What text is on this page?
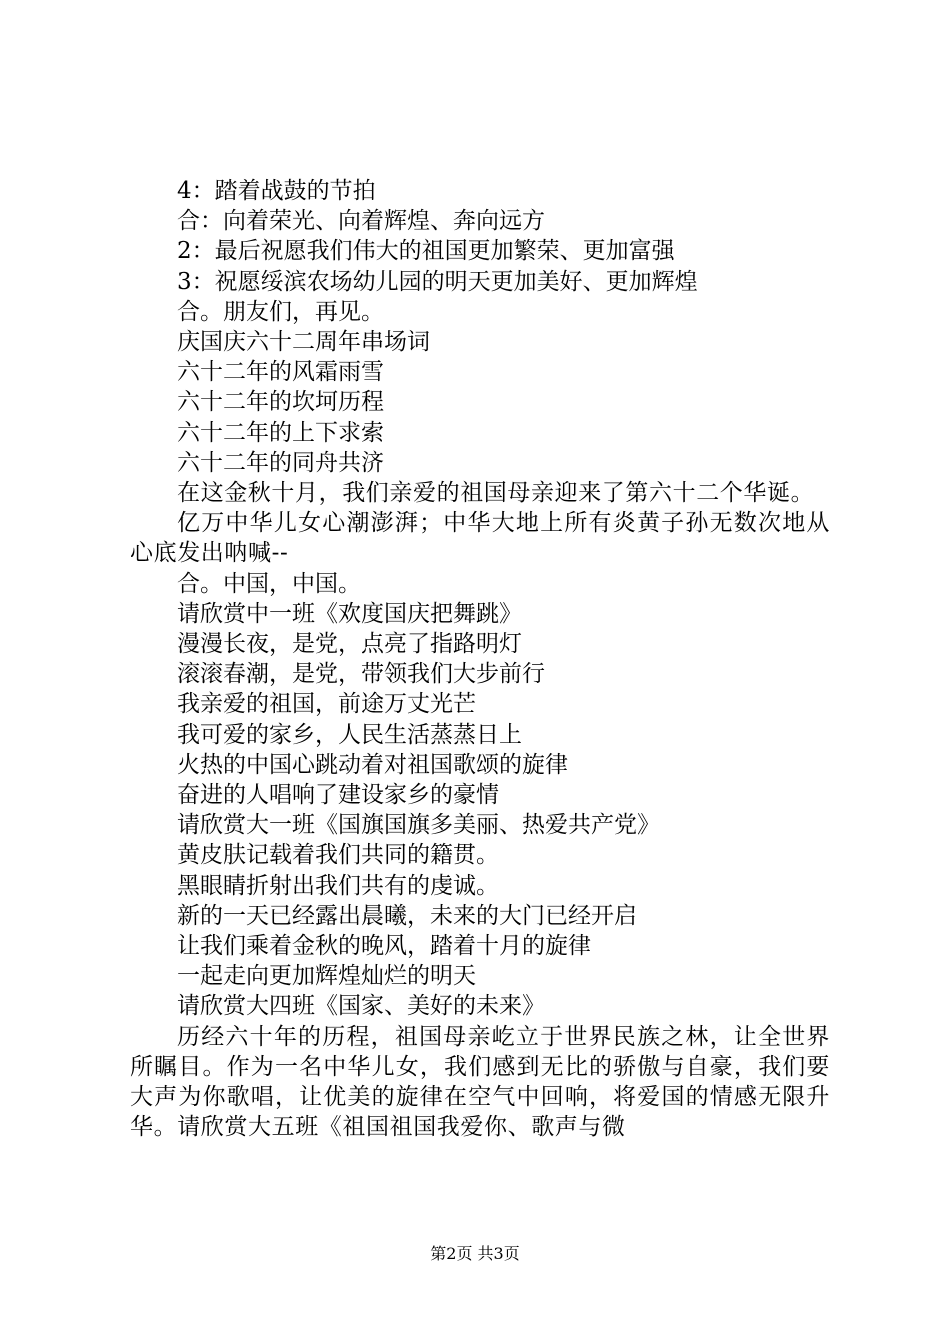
4：踏着战鼓的节拍
合：向着荣光、向着辉煌、奔向远方
2：最后祝愿我们伟大的祖国更加繁荣、更加富强
3：祝愿绥滨农场幼儿园的明天更加美好、更加辉煌
合。朋友们，再见。
庆国庆六十二周年串场词
六十二年的风霜雨雪
六十二年的坎坷历程
六十二年的上下求索
六十二年的同舟共济
在这金秋十月，我们亲爱的祖国母亲迎来了第六十二个华诞。
亿万中华儿女心潮澎湃；中华大地上所有炎黄子孙无数次地从心底发出呐喊--
合。中国，中国。
请欣赏中一班《欢度国庆把舞跳》
漫漫长夜，是党，点亮了指路明灯
滚滚春潮，是党，带领我们大步前行
我亲爱的祖国，前途万丈光芒
我可爱的家乡，人民生活蒸蒸日上
火热的中国心跳动着对祖国歌颂的旋律
奋进的人唱响了建设家乡的豪情
请欣赏大一班《国旗国旗多美丽、热爱共产党》
黄皮肤记载着我们共同的籍贯。
黑眼睛折射出我们共有的虔诚。
新的一天已经露出晨曦，未来的大门已经开启
让我们乘着金秋的晚风，踏着十月的旋律
一起走向更加辉煌灿烂的明天
请欣赏大四班《国家、美好的未来》
历经六十年的历程，祖国母亲屹立于世界民族之林，让全世界所瞩目。作为一名中华儿女，我们感到无比的骄傲与自豪，我们要大声为你歌唱，让优美的旋律在空气中回响，将爱国的情感无限升华。请欣赏大五班《祖国祖国我爱你、歌声与微
第2页 共3页
